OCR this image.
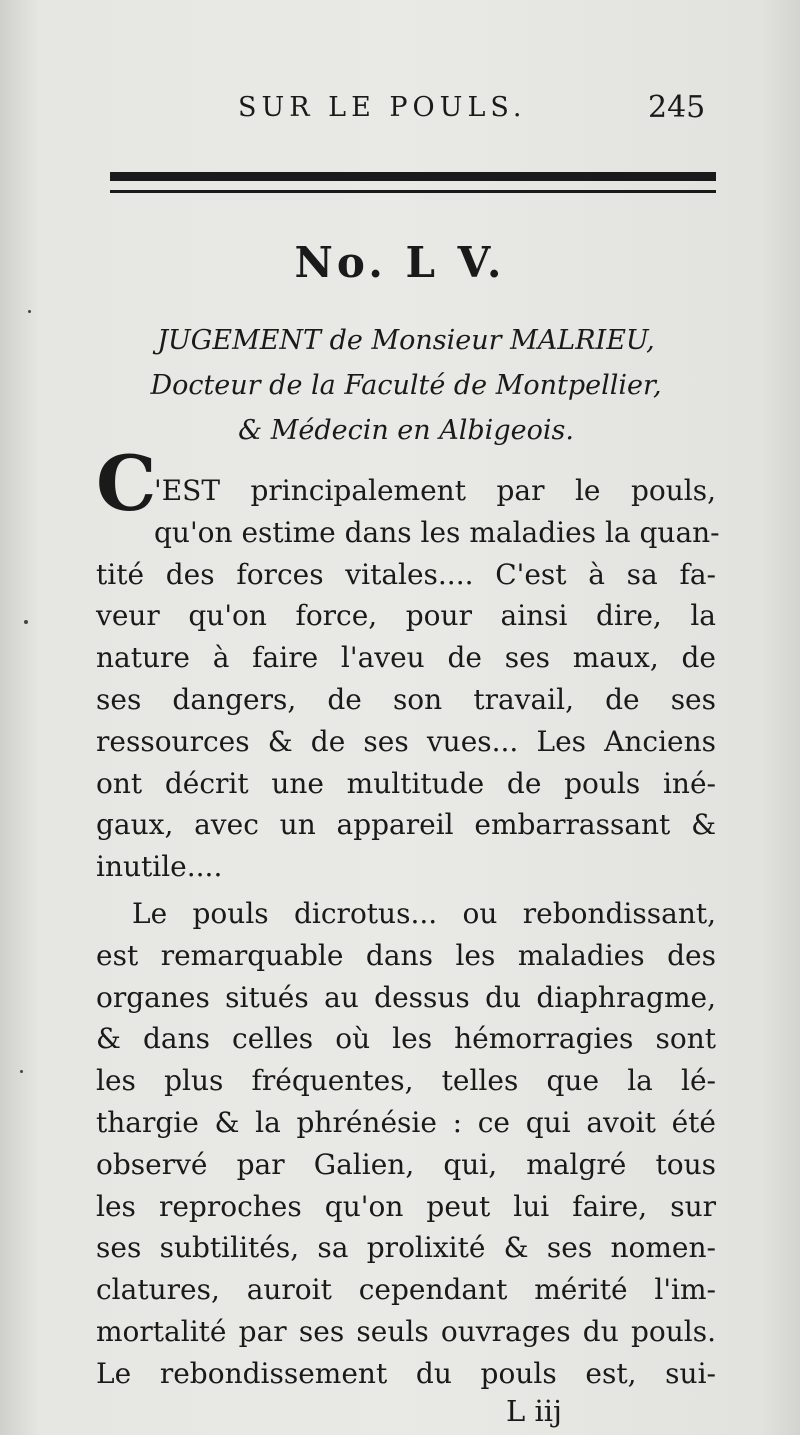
SUR LE POULS.	245
No. L V.
JUGEMENT de Monsieur MALRIEU,
Docteur de la Faculté de Montpellier,
& Médecin en Albigeois.
C
'EST principalement par le pouls,
qu'on estime dans les maladies la quan-
tité des forces vitales.... C'est à sa fa-
veur qu'on force, pour ainsi dire, la
nature à faire l'aveu de ses maux, de
ses dangers, de son travail, de ses
ressources & de ses vues... Les Anciens
ont décrit une multitude de pouls iné-
gaux, avec un appareil embarrassant &
inutile....
Le pouls dicrotus... ou rebondissant,
est remarquable dans les maladies des
organes situés au dessus du diaphragme,
& dans celles où les hémorragies sont
les plus fréquentes, telles que la lé-
thargie & la phrénésie : ce qui avoit été
observé par Galien, qui, malgré tous
les reproches qu'on peut lui faire, sur
ses subtilités, sa prolixité & ses nomen-
clatures, auroit cependant mérité l'im-
mortalité par ses seuls ouvrages du pouls.
Le rebondissement du pouls est, sui-
L iij
